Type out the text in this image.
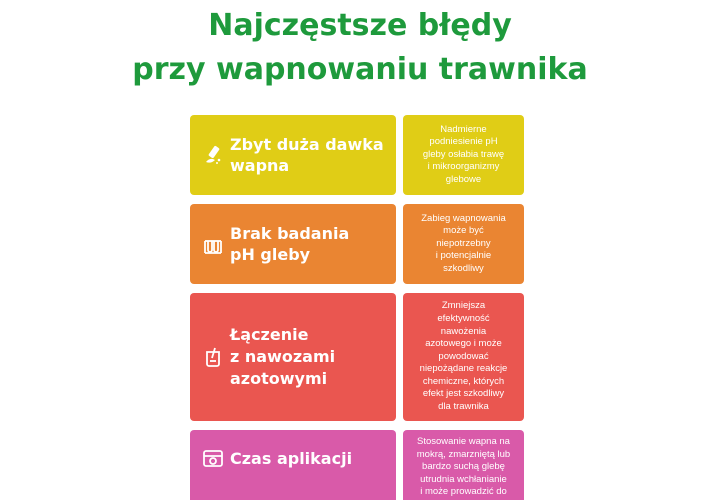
Najczęstsze błędy
przy wapnowaniu trawnika
Zbyt duża dawka
wapna
Nadmierne
podniesienie pH
gleby osłabia trawę
i mikroorganizmy
glebowe
Brak badania
pH gleby
Zabieg wapnowania
może być
niepotrzebny
i potencjalnie
szkodliwy
Łączenie
z nawozami
azotowymi
Zmniejsza
efektywność
nawożenia
azotowego i może
powodować
niepożądane reakcje
chemiczne, których
efekt jest szkodliwy
dla trawnika
Czas aplikacji
Stosowanie wapna na
mokrą, zmarzniętą lub
bardzo suchą glebę
utrudnia wchłanianie
i może prowadzić do
